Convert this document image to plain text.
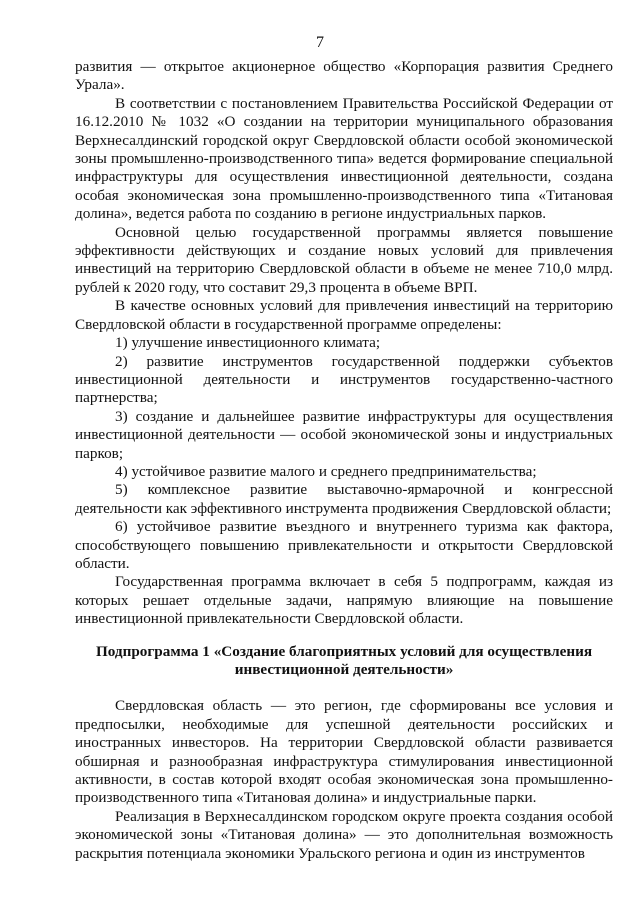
7

развития — открытое акционерное общество «Корпорация развития Среднего Урала».

В соответствии с постановлением Правительства Российской Федерации от 16.12.2010 № 1032 «О создании на территории муниципального образования Верхнесалдинский городской округ Свердловской области особой экономической зоны промышленно-производственного типа» ведется формирование специальной инфраструктуры для осуществления инвестиционной деятельности, создана особая экономическая зона промышленно-производственного типа «Титановая долина», ведется работа по созданию в регионе индустриальных парков.

Основной целью государственной программы является повышение эффективности действующих и создание новых условий для привлечения инвестиций на территорию Свердловской области в объеме не менее 710,0 млрд. рублей к 2020 году, что составит 29,3 процента в объеме ВРП.

В качестве основных условий для привлечения инвестиций на территорию Свердловской области в государственной программе определены:

1) улучшение инвестиционного климата;

2) развитие инструментов государственной поддержки субъектов инвестиционной деятельности и инструментов государственно-частного партнерства;

3) создание и дальнейшее развитие инфраструктуры для осуществления инвестиционной деятельности — особой экономической зоны и индустриальных парков;

4) устойчивое развитие малого и среднего предпринимательства;

5) комплексное развитие выставочно-ярмарочной и конгрессной деятельности как эффективного инструмента продвижения Свердловской области;

6) устойчивое развитие въездного и внутреннего туризма как фактора, способствующего повышению привлекательности и открытости Свердловской области.

Государственная программа включает в себя 5 подпрограмм, каждая из которых решает отдельные задачи, напрямую влияющие на повышение инвестиционной привлекательности Свердловской области.

Подпрограмма 1 «Создание благоприятных условий для осуществления
инвестиционной деятельности»

Свердловская область — это регион, где сформированы все условия и предпосылки, необходимые для успешной деятельности российских и иностранных инвесторов. На территории Свердловской области развивается обширная и разнообразная инфраструктура стимулирования инвестиционной активности, в состав которой входят особая экономическая зона промышленно-производственного типа «Титановая долина» и индустриальные парки.

Реализация в Верхнесалдинском городском округе проекта создания особой экономической зоны «Титановая долина» — это дополнительная возможность раскрытия потенциала экономики Уральского региона и один из инструментов
